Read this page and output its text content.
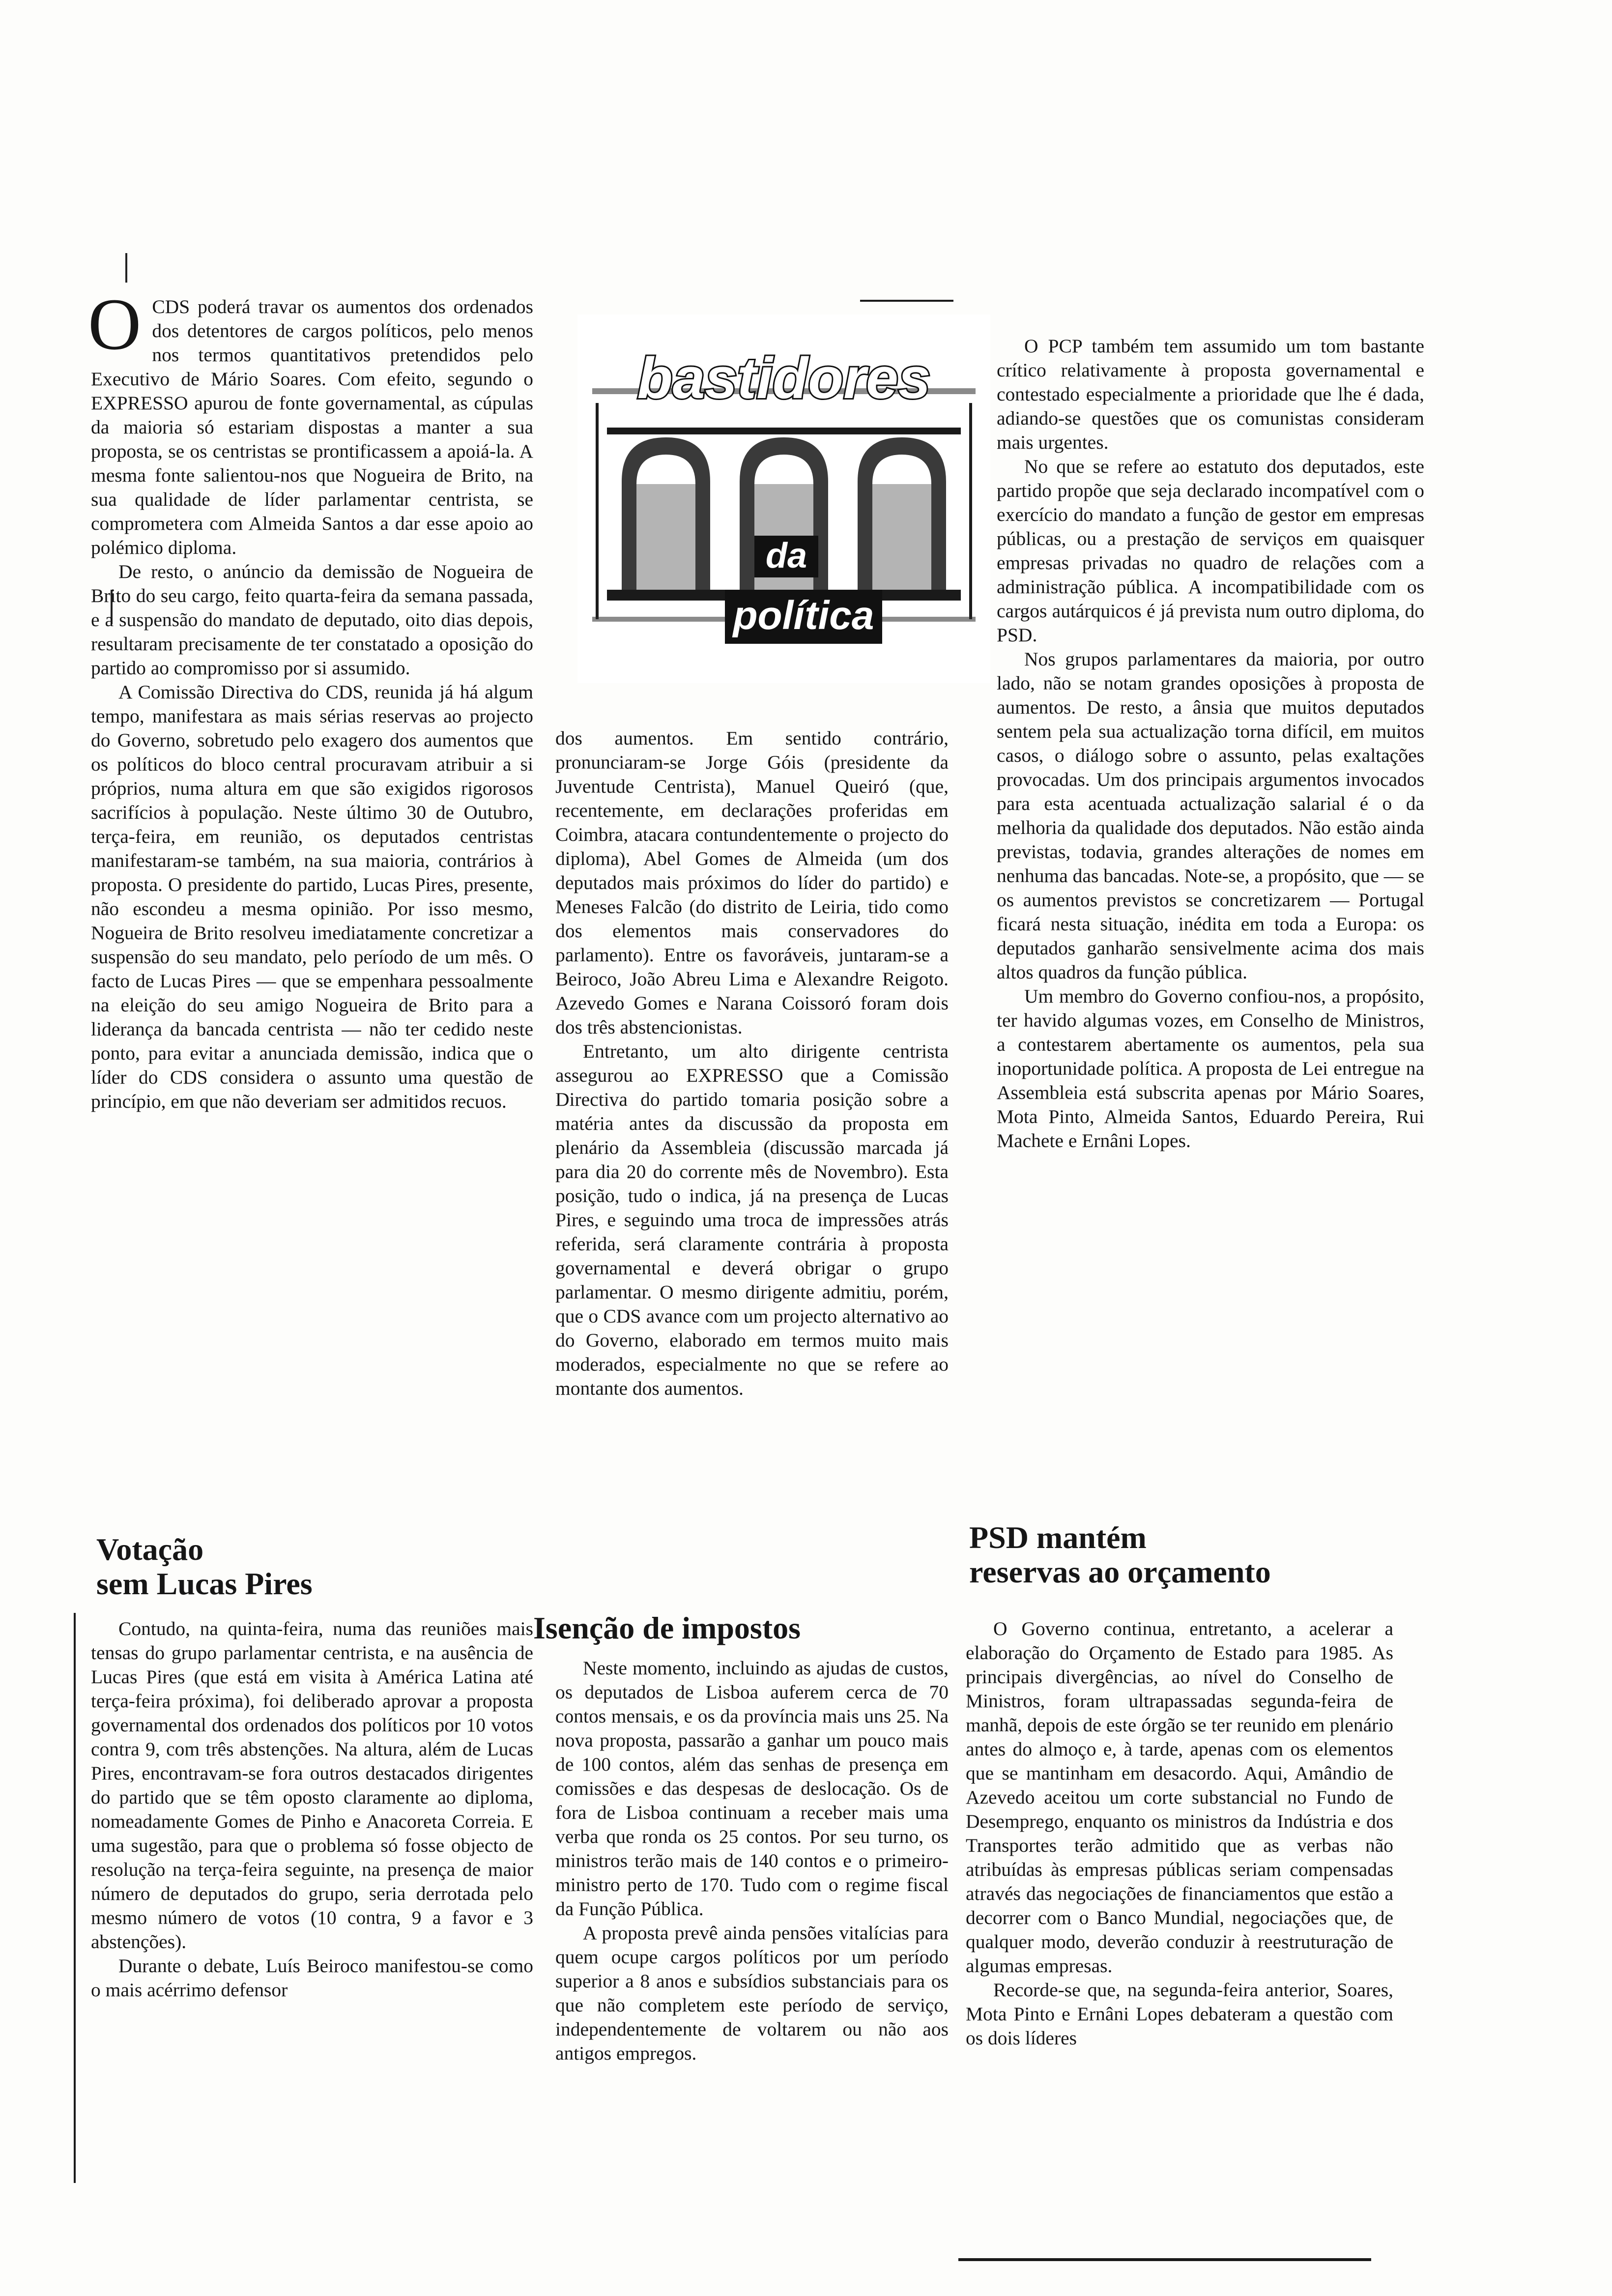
O CDS poderá travar os aumentos dos ordenados dos detentores de cargos políticos, pelo menos nos termos quantitativos pretendidos pelo Executivo de Mário Soares. Com efeito, segundo o EXPRESSO apurou de fonte governamental, as cúpulas da maioria só estariam dispostas a manter a sua proposta, se os centristas se prontificassem a apoiá-la. A mesma fonte salientou-nos que Nogueira de Brito, na sua qualidade de líder parlamentar centrista, se comprometera com Almeida Santos a dar esse apoio ao polémico diploma.

De resto, o anúncio da demissão de Nogueira de Brito do seu cargo, feito quarta-feira da semana passada, e a suspensão do mandato de deputado, oito dias depois, resultaram precisamente de ter constatado a oposição do partido ao compromisso por si assumido.

A Comissão Directiva do CDS, reunida já há algum tempo, manifestara as mais sérias reservas ao projecto do Governo, sobretudo pelo exagero dos aumentos que os políticos do bloco central procuravam atribuir a si próprios, numa altura em que são exigidos rigorosos sacrifícios à população. Neste último 30 de Outubro, terça-feira, em reunião, os deputados centristas manifestaram-se também, na sua maioria, contrários à proposta. O presidente do partido, Lucas Pires, presente, não escondeu a mesma opinião. Por isso mesmo, Nogueira de Brito resolveu imediatamente concretizar a suspensão do seu mandato, pelo período de um mês. O facto de Lucas Pires — que se empenhara pessoalmente na eleição do seu amigo Nogueira de Brito para a liderança da bancada centrista — não ter cedido neste ponto, para evitar a anunciada demissão, indica que o líder do CDS considera o assunto uma questão de princípio, em que não deveriam ser admitidos recuos.

Votação
sem Lucas Pires

Contudo, na quinta-feira, numa das reuniões mais tensas do grupo parlamentar centrista, e na ausência de Lucas Pires (que está em visita à América Latina até terça-feira próxima), foi deliberado aprovar a proposta governamental dos ordenados dos políticos por 10 votos contra 9, com três abstenções. Na altura, além de Lucas Pires, encontravam-se fora outros destacados dirigentes do partido que se têm oposto claramente ao diploma, nomeadamente Gomes de Pinho e Anacoreta Correia. E uma sugestão, para que o problema só fosse objecto de resolução na terça-feira seguinte, na presença de maior número de deputados do grupo, seria derrotada pelo mesmo número de votos (10 contra, 9 a favor e 3 abstenções).

Durante o debate, Luís Beiroco manifestou-se como o mais acérrimo defensor

bastidores
da
política

dos aumentos. Em sentido contrário, pronunciaram-se Jorge Góis (presidente da Juventude Centrista), Manuel Queiró (que, recentemente, em declarações proferidas em Coimbra, atacara contundentemente o projecto do diploma), Abel Gomes de Almeida (um dos deputados mais próximos do líder do partido) e Meneses Falcão (do distrito de Leiria, tido como dos elementos mais conservadores do parlamento). Entre os favoráveis, juntaram-se a Beiroco, João Abreu Lima e Alexandre Reigoto. Azevedo Gomes e Narana Coissoró foram dois dos três abstencionistas.

Entretanto, um alto dirigente centrista assegurou ao EXPRESSO que a Comissão Directiva do partido tomaria posição sobre a matéria antes da discussão da proposta em plenário da Assembleia (discussão marcada já para dia 20 do corrente mês de Novembro). Esta posição, tudo o indica, já na presença de Lucas Pires, e seguindo uma troca de impressões atrás referida, será claramente contrária à proposta governamental e deverá obrigar o grupo parlamentar. O mesmo dirigente admitiu, porém, que o CDS avance com um projecto alternativo ao do Governo, elaborado em termos muito mais moderados, especialmente no que se refere ao montante dos aumentos.

Isenção de impostos

Neste momento, incluindo as ajudas de custos, os deputados de Lisboa auferem cerca de 70 contos mensais, e os da província mais uns 25. Na nova proposta, passarão a ganhar um pouco mais de 100 contos, além das senhas de presença em comissões e das despesas de deslocação. Os de fora de Lisboa continuam a receber mais uma verba que ronda os 25 contos. Por seu turno, os ministros terão mais de 140 contos e o primeiro-ministro perto de 170. Tudo com o regime fiscal da Função Pública.

A proposta prevê ainda pensões vitalícias para quem ocupe cargos políticos por um período superior a 8 anos e subsídios substanciais para os que não completem este período de serviço, independentemente de voltarem ou não aos antigos empregos.

O PCP também tem assumido um tom bastante crítico relativamente à proposta governamental e contestado especialmente a prioridade que lhe é dada, adiando-se questões que os comunistas consideram mais urgentes.

No que se refere ao estatuto dos deputados, este partido propõe que seja declarado incompatível com o exercício do mandato a função de gestor em empresas públicas, ou a prestação de serviços em quaisquer empresas privadas no quadro de relações com a administração pública. A incompatibilidade com os cargos autárquicos é já prevista num outro diploma, do PSD.

Nos grupos parlamentares da maioria, por outro lado, não se notam grandes oposições à proposta de aumentos. De resto, a ânsia que muitos deputados sentem pela sua actualização torna difícil, em muitos casos, o diálogo sobre o assunto, pelas exaltações provocadas. Um dos principais argumentos invocados para esta acentuada actualização salarial é o da melhoria da qualidade dos deputados. Não estão ainda previstas, todavia, grandes alterações de nomes em nenhuma das bancadas. Note-se, a propósito, que — se os aumentos previstos se concretizarem — Portugal ficará nesta situação, inédita em toda a Europa: os deputados ganharão sensivelmente acima dos mais altos quadros da função pública.

Um membro do Governo confiou-nos, a propósito, ter havido algumas vozes, em Conselho de Ministros, a contestarem abertamente os aumentos, pela sua inoportunidade política. A proposta de Lei entregue na Assembleia está subscrita apenas por Mário Soares, Mota Pinto, Almeida Santos, Eduardo Pereira, Rui Machete e Ernâni Lopes.

PSD mantém
reservas ao orçamento

O Governo continua, entretanto, a acelerar a elaboração do Orçamento de Estado para 1985. As principais divergências, ao nível do Conselho de Ministros, foram ultrapassadas segunda-feira de manhã, depois de este órgão se ter reunido em plenário antes do almoço e, à tarde, apenas com os elementos que se mantinham em desacordo. Aqui, Amândio de Azevedo aceitou um corte substancial no Fundo de Desemprego, enquanto os ministros da Indústria e dos Transportes terão admitido que as verbas não atribuídas às empresas públicas seriam compensadas através das negociações de financiamentos que estão a decorrer com o Banco Mundial, negociações que, de qualquer modo, deverão conduzir à reestruturação de algumas empresas.

Recorde-se que, na segunda-feira anterior, Soares, Mota Pinto e Ernâni Lopes debateram a questão com os dois líderes
